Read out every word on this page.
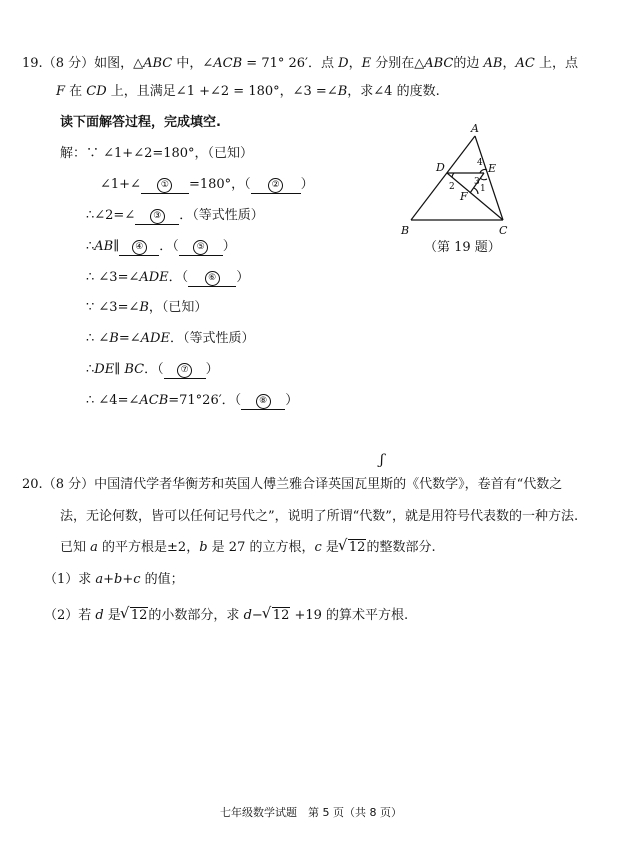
19.（8 分）如图，△ABC 中，∠ACB = 71° 26′．点 D，E 分别在△ABC的边 AB，AC 上，点
F 在 CD 上，且满足∠1 +∠2 = 180°，∠3 =∠B，求∠4 的度数.
读下面解答过程，完成填空.
解：∵ ∠1+∠2=180°，（已知）
∠1+∠ ① =180°，（ ② ）
∴∠2=∠ ③ ．（等式性质）
∴AB∥ ④ ．（ ⑤ ）
∴ ∠3=∠ADE．（ ⑥ ）
∵ ∠3=∠B，（已知）
∴ ∠B=∠ADE．（等式性质）
∴DE∥ BC．（ ⑦ ）
∴ ∠4=∠ACB=71°26′．（ ⑧ ）
A
B	C
D	E
F
4
3
2	1
（第 19 题）
ʃ
20.（8 分）中国清代学者华衡芳和英国人傅兰雅合译英国瓦里斯的《代数学》，卷首有“代数之
法，无论何数，皆可以任何记号代之”，说明了所谓“代数”，就是用符号代表数的一种方法.
已知 a 的平方根是±2，b 是 27 的立方根，c 是 √ 12的整数部分.
（1）求 a+b+c 的值；
（2）若 d 是 √ 12的小数部分，求 d− √ 12 +19 的算术平方根.
七年级数学试题　第 5 页（共 8 页）
